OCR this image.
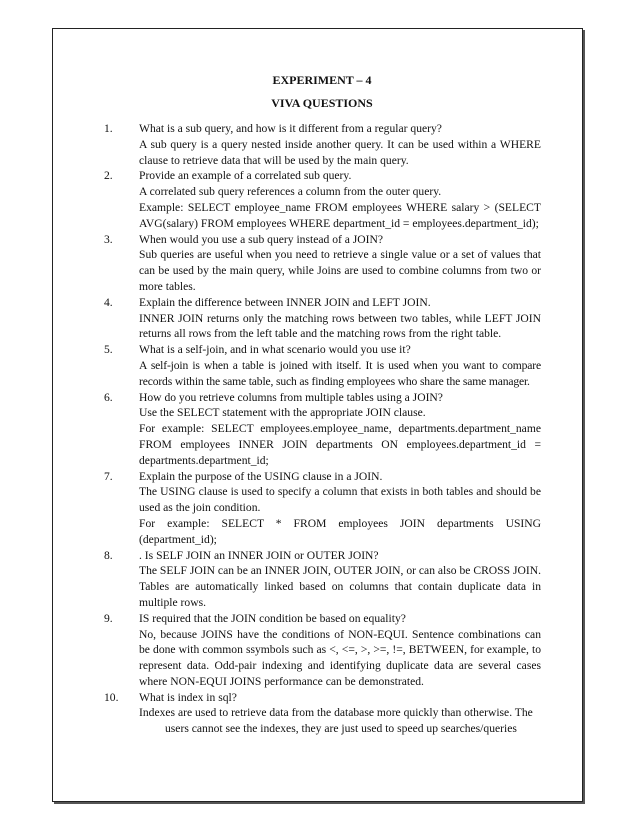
EXPERIMENT – 4
VIVA QUESTIONS
1.	What is a sub query, and how is it different from a regular query?

A sub query is a query nested inside another query. It can be used within a WHERE clause to retrieve data that will be used by the main query.

2.	Provide an example of a correlated sub query.

A correlated sub query references a column from the outer query.

Example: SELECT employee_name FROM employees WHERE salary > (SELECT AVG(salary) FROM employees WHERE department_id = employees.department_id);

3.	When would you use a sub query instead of a JOIN?

Sub queries are useful when you need to retrieve a single value or a set of values that can be used by the main query, while Joins are used to combine columns from two or more tables.

4.	Explain the difference between INNER JOIN and LEFT JOIN.

INNER JOIN returns only the matching rows between two tables, while LEFT JOIN returns all rows from the left table and the matching rows from the right table.

5.	What is a self-join, and in what scenario would you use it?

A self-join is when a table is joined with itself. It is used when you want to compare records within the same table, such as finding employees who share the same manager.

6.	How do you retrieve columns from multiple tables using a JOIN?

Use the SELECT statement with the appropriate JOIN clause.

For example: SELECT employees.employee_name, departments.department_name FROM employees INNER JOIN departments ON employees.department_id = departments.department_id;

7.	Explain the purpose of the USING clause in a JOIN.

The USING clause is used to specify a column that exists in both tables and should be used as the join condition.

For example: SELECT * FROM employees JOIN departments USING (department_id);

8.	. Is SELF JOIN an INNER JOIN or OUTER JOIN?

The SELF JOIN can be an INNER JOIN, OUTER JOIN, or can also be CROSS JOIN. Tables are automatically linked based on columns that contain duplicate data in multiple rows.

9.	IS required that the JOIN condition be based on equality?

No, because JOINS have the conditions of NON-EQUI. Sentence combinations can be done with common ssymbols such as <, <=, >, >=, !=, BETWEEN, for example, to represent data. Odd-pair indexing and identifying duplicate data are several cases where NON-EQUI JOINS performance can be demonstrated.

10.	What is index in sql?

Indexes are used to retrieve data from the database more quickly than otherwise. The

users cannot see the indexes, they are just used to speed up searches/queries
